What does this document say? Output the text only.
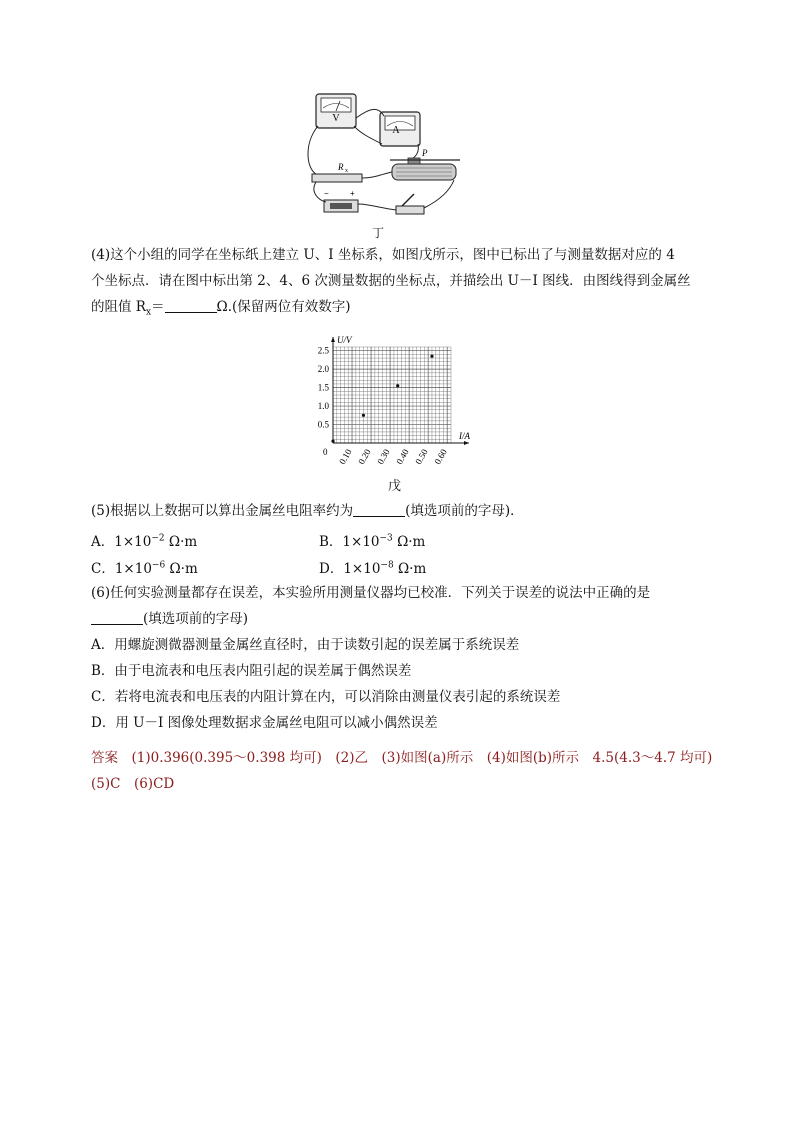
V
A
R x
P
−	+
丁
(4)这个小组的同学在坐标纸上建立 U、I 坐标系，如图戊所示，图中已标出了与测量数据对应的 4
个坐标点．请在图中标出第 2、4、6 次测量数据的坐标点，并描绘出 U－I 图线．由图线得到金属丝
的阻值 $R_x=$	Ω.(保留两位有效数字)
U/V
I/A
0
0.5
1.0
1.5
2.0
2.5
0.10 0.20 0.30 0.40 0.50 0.60
戊
(5)根据以上数据可以算出金属丝电阻率约为	(填选项前的字母)．
A．$1\times 10^{-2}$ Ω·m	B．$1\times 10^{-3}$ Ω·m
C．$1\times 10^{-6}$ Ω·m	D．$1\times 10^{-8}$ Ω·m
(6)任何实验测量都存在误差，本实验所用测量仪器均已校准．下列关于误差的说法中正确的是
(填选项前的字母)
A．用螺旋测微器测量金属丝直径时，由于读数引起的误差属于系统误差
B．由于电流表和电压表内阻引起的误差属于偶然误差
C．若将电流表和电压表的内阻计算在内，可以消除由测量仪表引起的系统误差
D．用 U－I 图像处理数据求金属丝电阻可以减小偶然误差
答案　(1)0.396(0.395～0.398 均可)　(2)乙　(3)如图(a)所示　(4)如图(b)所示　4.5(4.3～4.7 均可)
(5)C　(6)CD
